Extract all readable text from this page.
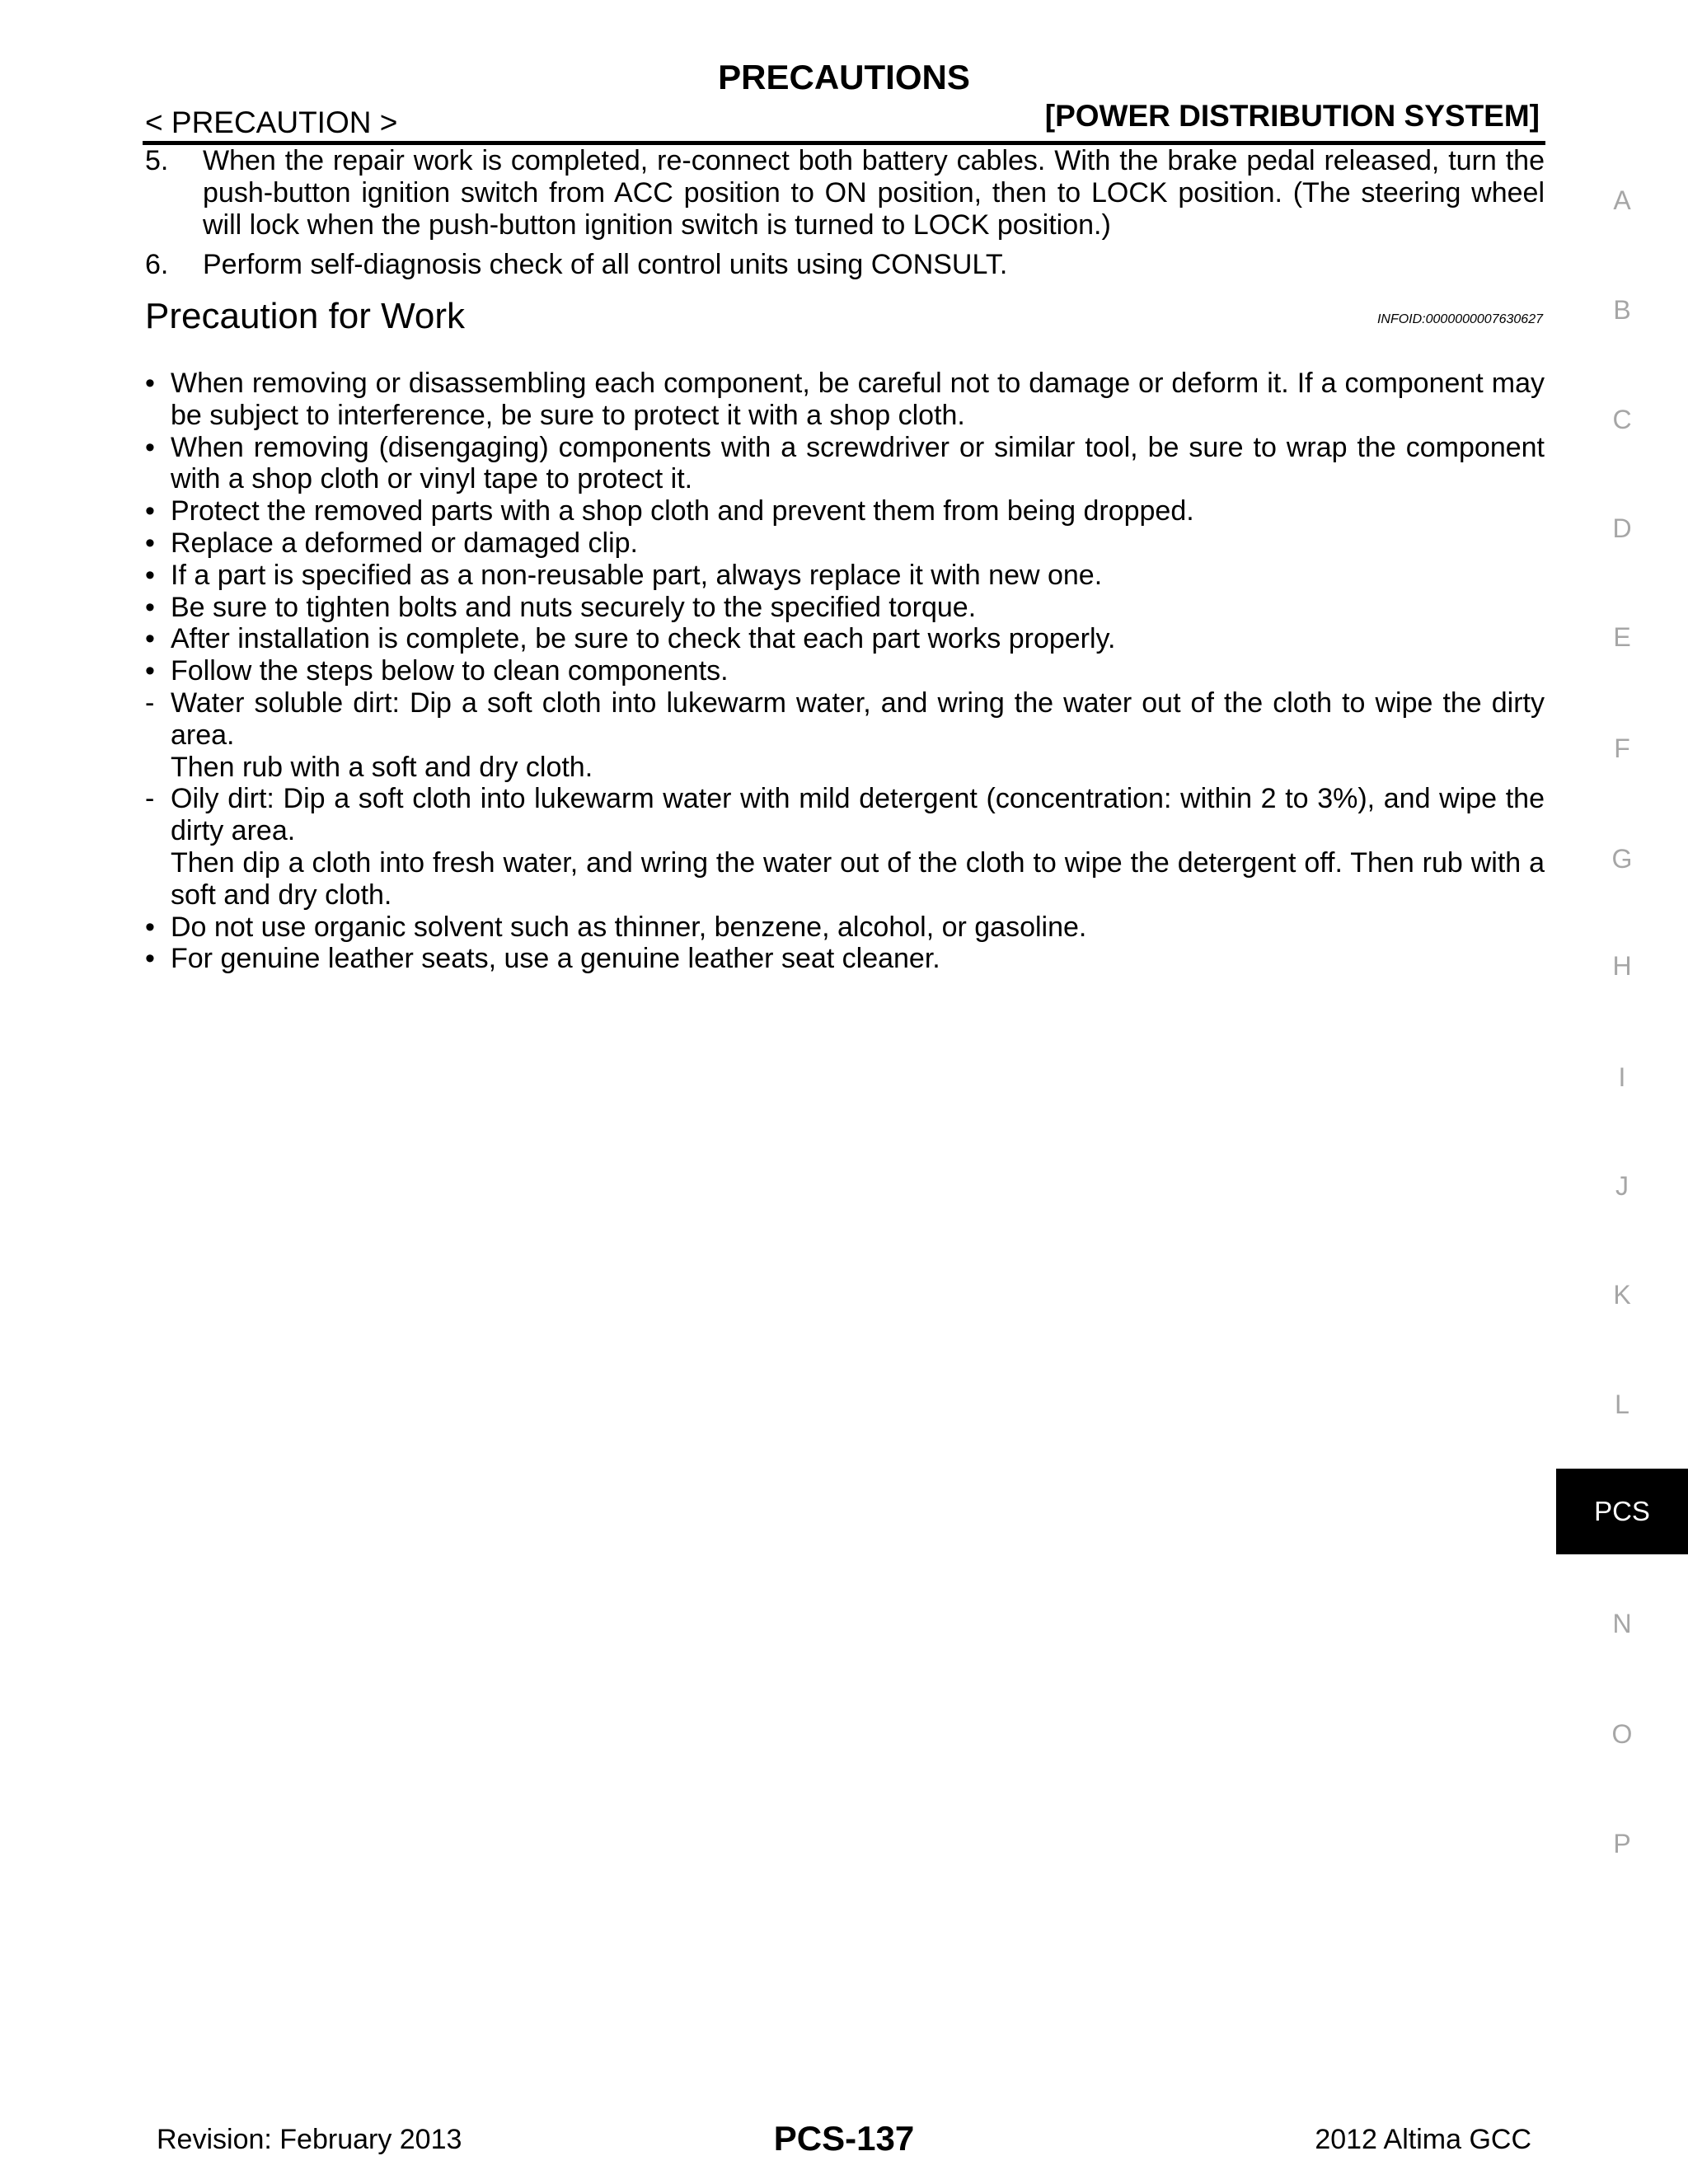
PRECAUTIONS
< PRECAUTION >	[POWER DISTRIBUTION SYSTEM]
5.	When the repair work is completed, re-connect both battery cables. With the brake pedal released, turn the push-button ignition switch from ACC position to ON position, then to LOCK position. (The steering wheel will lock when the push-button ignition switch is turned to LOCK position.)
6.	Perform self-diagnosis check of all control units using CONSULT.
Precaution for Work	INFOID:0000000007630627
• When removing or disassembling each component, be careful not to damage or deform it. If a component may be subject to interference, be sure to protect it with a shop cloth.
• When removing (disengaging) components with a screwdriver or similar tool, be sure to wrap the component with a shop cloth or vinyl tape to protect it.
• Protect the removed parts with a shop cloth and prevent them from being dropped.
• Replace a deformed or damaged clip.
• If a part is specified as a non-reusable part, always replace it with new one.
• Be sure to tighten bolts and nuts securely to the specified torque.
• After installation is complete, be sure to check that each part works properly.
• Follow the steps below to clean components.
- Water soluble dirt: Dip a soft cloth into lukewarm water, and wring the water out of the cloth to wipe the dirty area.
Then rub with a soft and dry cloth.
- Oily dirt: Dip a soft cloth into lukewarm water with mild detergent (concentration: within 2 to 3%), and wipe the dirty area.
Then dip a cloth into fresh water, and wring the water out of the cloth to wipe the detergent off. Then rub with a soft and dry cloth.
• Do not use organic solvent such as thinner, benzene, alcohol, or gasoline.
• For genuine leather seats, use a genuine leather seat cleaner.
A
B
C
D
E
F
G
H
I
J
K
L
PCS
N
O
P
Revision: February 2013	PCS-137	2012 Altima GCC
